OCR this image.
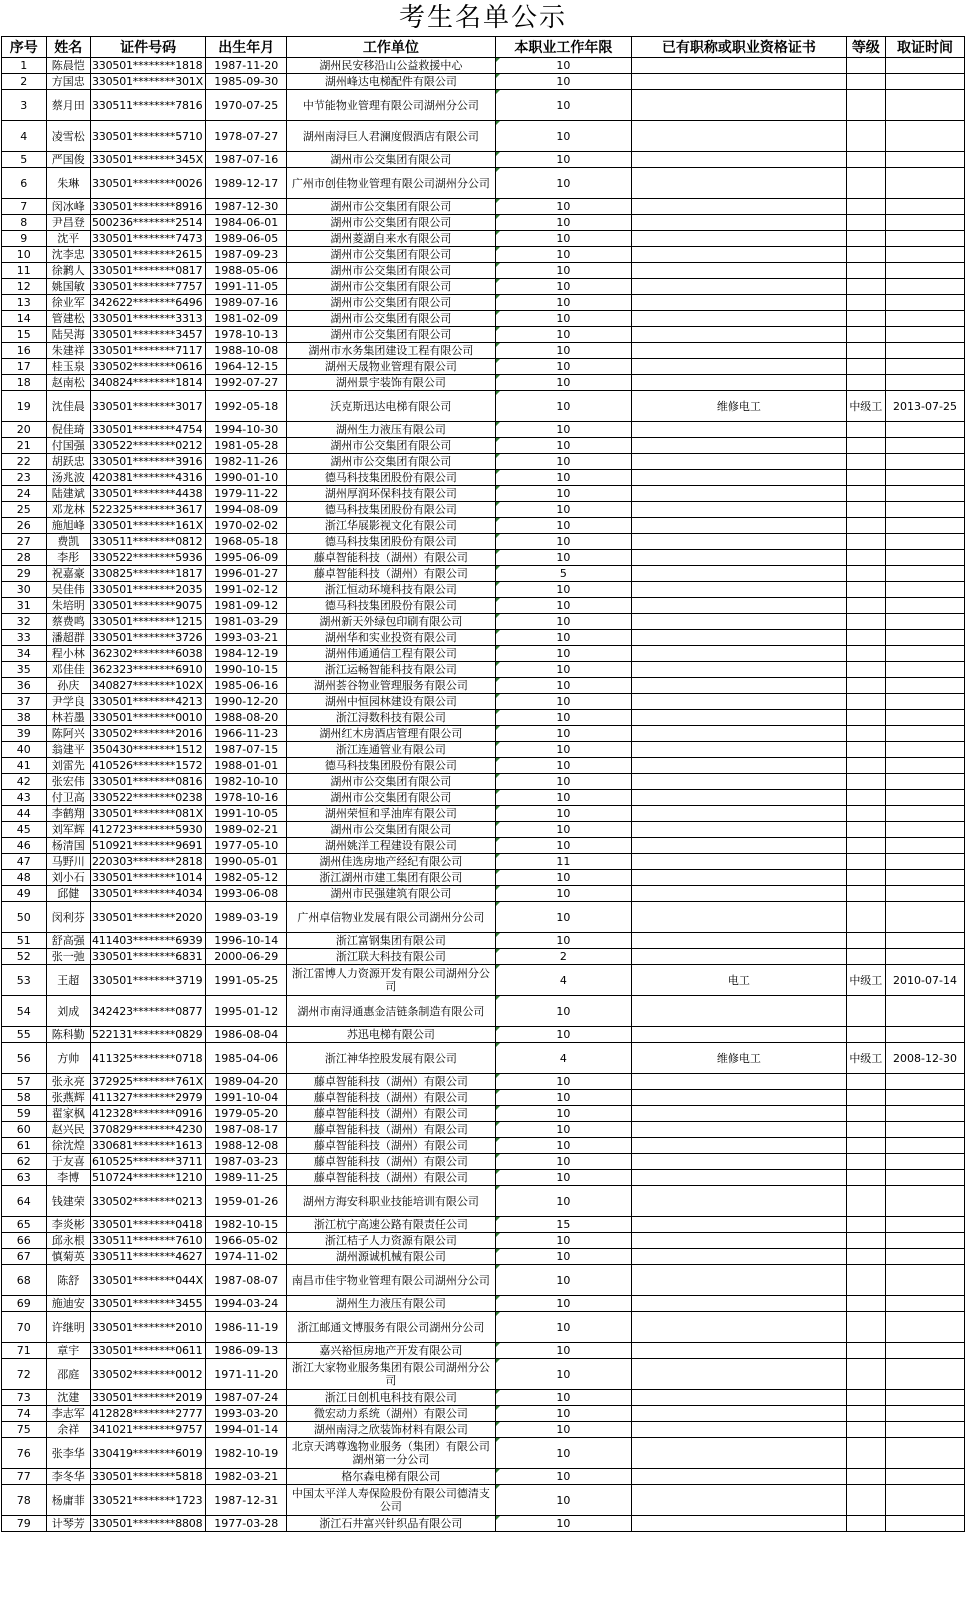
考生名单公示
序号	姓名	证件号码	出生年月	工作单位	本职业工作年限	已有职称或职业资格证书	等级	取证时间
1	陈晨恺	330501********1818	1987-11-20	湖州民安移沿山公益救援中心	10			
2	方国忠	330501********301X	1985-09-30	湖州峰达电梯配件有限公司	10			
3	蔡月田	330511********7816	1970-07-25	中节能物业管理有限公司湖州分公司	10			
4	凌雪松	330501********5710	1978-07-27	湖州南浔巨人君澜度假酒店有限公司	10			
5	严国俊	330501********345X	1987-07-16	湖州市公交集团有限公司	10			
6	朱琳	330501********0026	1989-12-17	广州市创佳物业管理有限公司湖州分公司	10			
7	闵冰峰	330501********8916	1987-12-30	湖州市公交集团有限公司	10			
8	尹昌登	500236********2514	1984-06-01	湖州市公交集团有限公司	10			
9	沈平	330501********7473	1989-06-05	湖州菱湖自来水有限公司	10			
10	沈李忠	330501********2615	1987-09-23	湖州市公交集团有限公司	10			
11	徐鹣人	330501********0817	1988-05-06	湖州市公交集团有限公司	10			
12	姚国敏	330501********7757	1991-11-05	湖州市公交集团有限公司	10			
13	徐业军	342622********6496	1989-07-16	湖州市公交集团有限公司	10			
14	管建松	330501********3313	1981-02-09	湖州市公交集团有限公司	10			
15	陆吴海	330501********3457	1978-10-13	湖州市公交集团有限公司	10			
16	朱建祥	330501********7117	1988-10-08	湖州市水务集团建设工程有限公司	10			
17	桂玉泉	330502********0616	1964-12-15	湖州天晟物业管理有限公司	10			
18	赵南松	340824********1814	1992-07-27	湖州景宇装饰有限公司	10			
19	沈佳晨	330501********3017	1992-05-18	沃克斯迅达电梯有限公司	10	维修电工	中级工	2013-07-25
20	倪佳琦	330501********4754	1994-10-30	湖州生力液压有限公司	10			
21	付国强	330522********0212	1981-05-28	湖州市公交集团有限公司	10			
22	胡跃忠	330501********3916	1982-11-26	湖州市公交集团有限公司	10			
23	汤兆波	420381********4316	1990-01-10	德马科技集团股份有限公司	10			
24	陆建斌	330501********4438	1979-11-22	湖州厚润环保科技有限公司	10			
25	邓龙林	522325********3617	1994-08-09	德马科技集团股份有限公司	10			
26	施旭峰	330501********161X	1970-02-02	浙江华展影视文化有限公司	10			
27	费凯	330511********0812	1968-05-18	德马科技集团股份有限公司	10			
28	李彤	330522********5936	1995-06-09	藤卓智能科技（湖州）有限公司	10			
29	祝嘉豪	330825********1817	1996-01-27	藤卓智能科技（湖州）有限公司	5			
30	吴佳伟	330501********2035	1991-02-12	浙江恒动环境科技有限公司	10			
31	朱培明	330501********9075	1981-09-12	德马科技集团股份有限公司	10			
32	蔡费鸣	330501********1215	1981-03-29	湖州新天外绿包印刷有限公司	10			
33	潘超群	330501********3726	1993-03-21	湖州华和实业投资有限公司	10			
34	程小林	362302********6038	1984-12-19	湖州伟通通信工程有限公司	10			
35	邓佳佳	362323********6910	1990-10-15	浙江运畅智能科技有限公司	10			
36	孙庆	340827********102X	1985-06-16	湖州荟谷物业管理服务有限公司	10			
37	尹学良	330501********4213	1990-12-20	湖州中恒园林建设有限公司	10			
38	林若墨	330501********0010	1988-08-20	浙江浔数科技有限公司	10			
39	陈阿兴	330502********2016	1966-11-23	湖州红木房酒店管理有限公司	10			
40	翁建平	350430********1512	1987-07-15	浙江连通管业有限公司	10			
41	刘雷先	410526********1572	1988-01-01	德马科技集团股份有限公司	10			
42	张宏伟	330501********0816	1982-10-10	湖州市公交集团有限公司	10			
43	付卫高	330522********0238	1978-10-16	湖州市公交集团有限公司	10			
44	李鹤翔	330501********081X	1991-10-05	湖州荣恒和孚油库有限公司	10			
45	刘军辉	412723********5930	1989-02-21	湖州市公交集团有限公司	10			
46	杨清国	510921********9691	1977-05-10	湖州姚洋工程建设有限公司	10			
47	马野川	220303********2818	1990-05-01	湖州佳选房地产经纪有限公司	11			
48	刘小石	330501********1014	1982-05-12	浙江湖州市建工集团有限公司	10			
49	邱健	330501********4034	1993-06-08	湖州市民强建筑有限公司	10			
50	闵利芬	330501********2020	1989-03-19	广州卓信物业发展有限公司湖州分公司	10			
51	舒高强	411403********6939	1996-10-14	浙江富钢集团有限公司	10			
52	张一弛	330501********6831	2000-06-29	浙江联大科技有限公司	2			
53	王超	330501********3719	1991-05-25	浙江雷博人力资源开发有限公司湖州分公司	4	电工	中级工	2010-07-14
54	刘成	342423********0877	1995-01-12	湖州市南浔通惠金洁链条制造有限公司	10			
55	陈科勤	522131********0829	1986-08-04	苏迅电梯有限公司	10			
56	方帅	411325********0718	1985-04-06	浙江神华控股发展有限公司	4	维修电工	中级工	2008-12-30
57	张永亮	372925********761X	1989-04-20	藤卓智能科技（湖州）有限公司	10			
58	张燕辉	411327********2979	1991-10-04	藤卓智能科技（湖州）有限公司	10			
59	翟家枫	412328********0916	1979-05-20	藤卓智能科技（湖州）有限公司	10			
60	赵兴民	370829********4230	1987-08-17	藤卓智能科技（湖州）有限公司	10			
61	徐沈煌	330681********1613	1988-12-08	藤卓智能科技（湖州）有限公司	10			
62	于友喜	610525********3711	1987-03-23	藤卓智能科技（湖州）有限公司	10			
63	李博	510724********1210	1989-11-25	藤卓智能科技（湖州）有限公司	10			
64	钱建荣	330502********0213	1959-01-26	湖州方海安科职业技能培训有限公司	10			
65	李炎彬	330501********0418	1982-10-15	浙江杭宁高速公路有限责任公司	15			
66	邱永根	330511********7610	1966-05-02	浙江桔子人力资源有限公司	10			
67	慎菊英	330511********4627	1974-11-02	湖州源诚机械有限公司	10			
68	陈舒	330501********044X	1987-08-07	南昌市佳宇物业管理有限公司湖州分公司	10			
69	施迪安	330501********3455	1994-03-24	湖州生力液压有限公司	10			
70	许继明	330501********2010	1986-11-19	浙江邮通文博服务有限公司湖州分公司	10			
71	章宇	330501********0611	1986-09-13	嘉兴裕恒房地产开发有限公司	10			
72	邵庭	330502********0012	1971-11-20	浙江大家物业服务集团有限公司湖州分公司	10			
73	沈建	330501********2019	1987-07-24	浙江日创机电科技有限公司	10			
74	李志军	412828********2777	1993-03-20	微宏动力系统（湖州）有限公司	10			
75	余祥	341021********9757	1994-01-14	湖州南浔之欣装饰材料有限公司	10			
76	张李华	330419********6019	1982-10-19	北京天鸿尊逸物业服务（集团）有限公司湖州第一分公司	10			
77	李冬华	330501********5818	1982-03-21	格尔森电梯有限公司	10			
78	杨庸菲	330521********1723	1987-12-31	中国太平洋人寿保险股份有限公司德清支公司	10			
79	计琴芳	330501********8808	1977-03-28	浙江石井富兴针织品有限公司	10			
